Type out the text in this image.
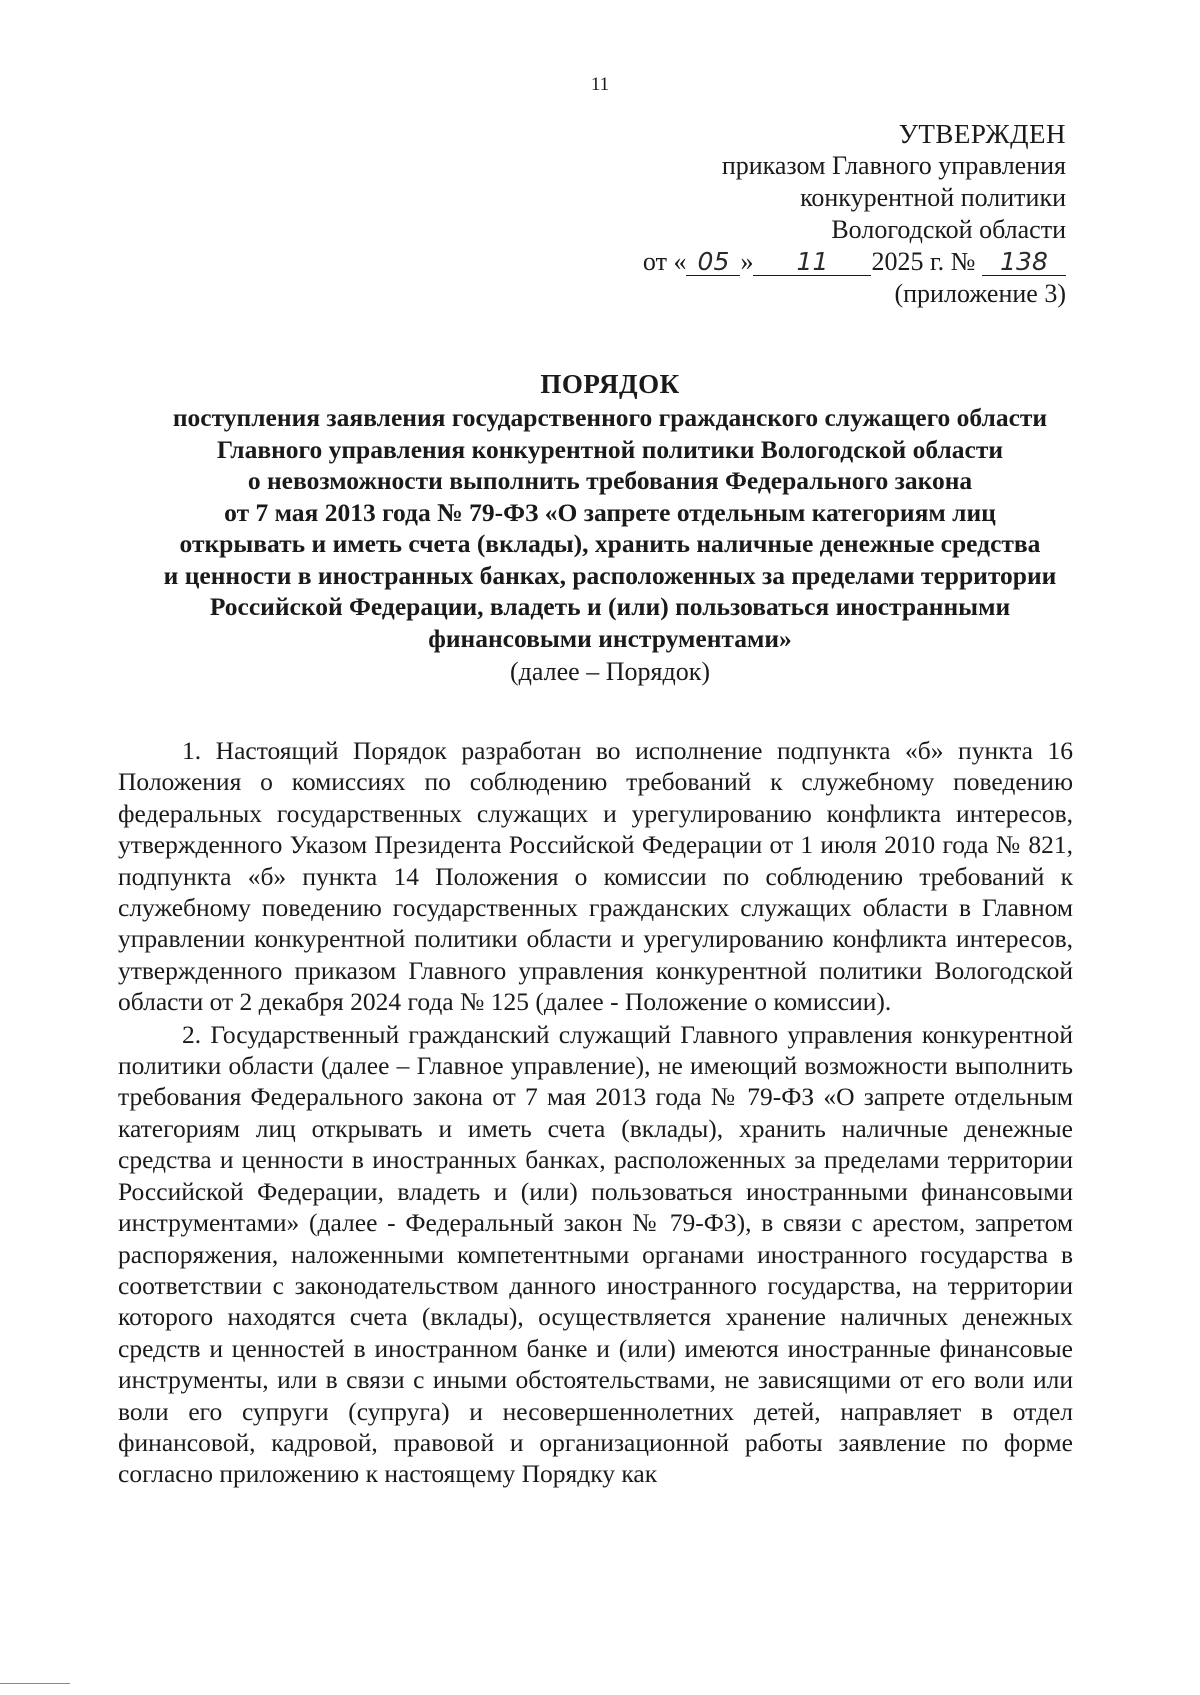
11
УТВЕРЖДЕН
приказом Главного управления
конкурентной политики
Вологодской области
от « 05 » 11 2025 г. № 138
(приложение 3)
ПОРЯДОК
поступления заявления государственного гражданского служащего области
Главного управления конкурентной политики Вологодской области
о невозможности выполнить требования Федерального закона
от 7 мая 2013 года № 79-ФЗ «О запрете отдельным категориям лиц
открывать и иметь счета (вклады), хранить наличные денежные средства
и ценности в иностранных банках, расположенных за пределами территории
Российской Федерации, владеть и (или) пользоваться иностранными
финансовыми инструментами»
(далее – Порядок)

1. Настоящий Порядок разработан во исполнение подпункта «б» пункта 16 Положения о комиссиях по соблюдению требований к служебному поведению федеральных государственных служащих и урегулированию конфликта интересов, утвержденного Указом Президента Российской Федерации от 1 июля 2010 года № 821, подпункта «б» пункта 14 Положения о комиссии по соблюдению требований к служебному поведению государственных гражданских служащих области в Главном управлении конкурентной политики области и урегулированию конфликта интересов, утвержденного приказом Главного управления конкурентной политики Вологодской области от 2 декабря 2024 года № 125 (далее - Положение о комиссии).

2. Государственный гражданский служащий Главного управления конкурентной политики области (далее – Главное управление), не имеющий возможности выполнить требования Федерального закона от 7 мая 2013 года № 79-ФЗ «О запрете отдельным категориям лиц открывать и иметь счета (вклады), хранить наличные денежные средства и ценности в иностранных банках, расположенных за пределами территории Российской Федерации, владеть и (или) пользоваться иностранными финансовыми инструментами» (далее - Федеральный закон № 79-ФЗ), в связи с арестом, запретом распоряжения, наложенными компетентными органами иностранного государства в соответствии с законодательством данного иностранного государства, на территории которого находятся счета (вклады), осуществляется хранение наличных денежных средств и ценностей в иностранном банке и (или) имеются иностранные финансовые инструменты, или в связи с иными обстоятельствами, не зависящими от его воли или воли его супруги (супруга) и несовершеннолетних детей, направляет в отдел финансовой, кадровой, правовой и организационной работы заявление по форме согласно приложению к настоящему Порядку как
